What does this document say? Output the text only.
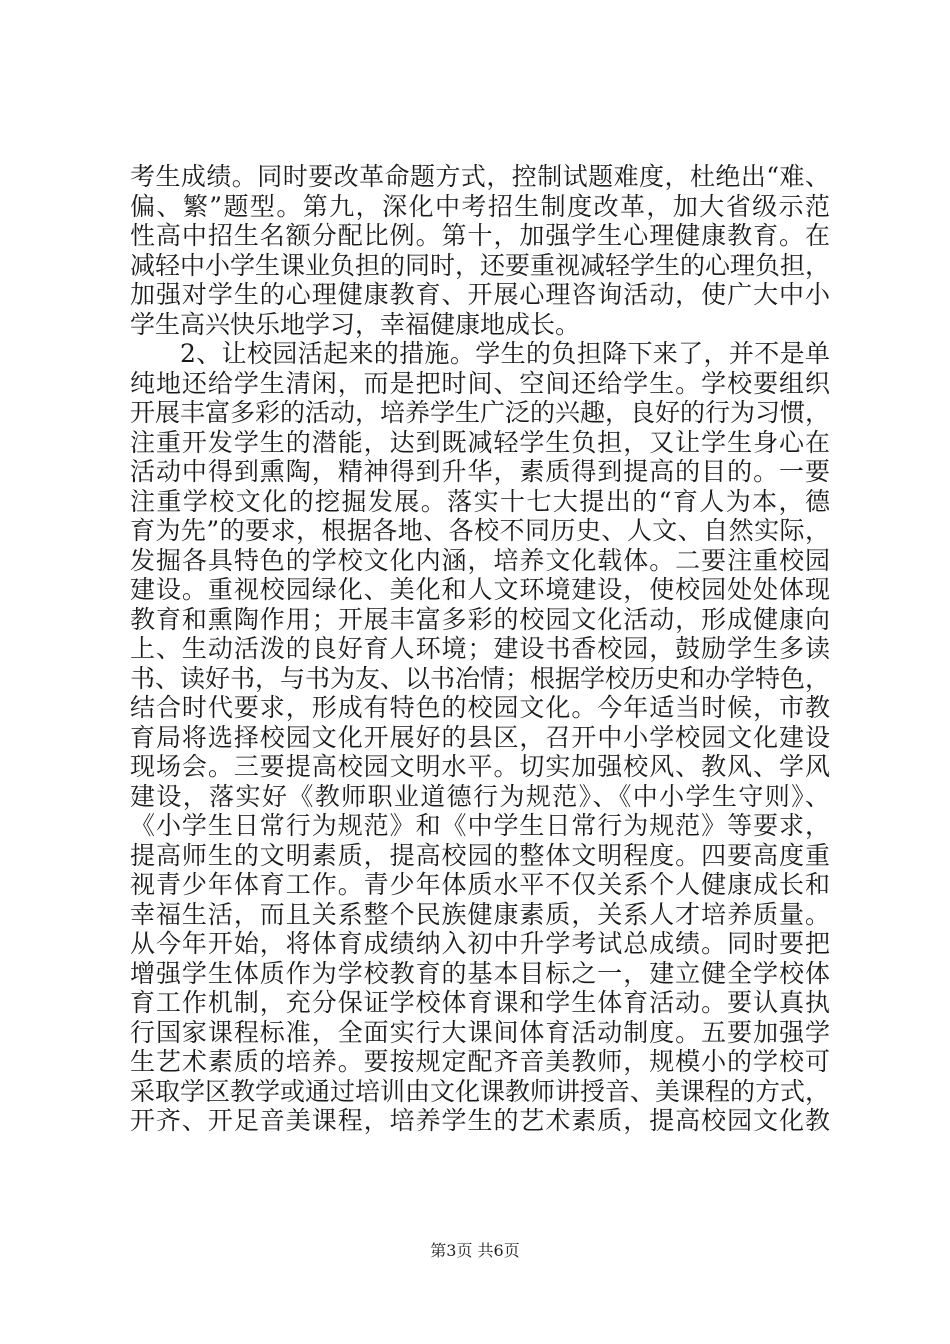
考生成绩。同时要改革命题方式，控制试题难度，杜绝出“难、
偏、繁”题型。第九，深化中考招生制度改革，加大省级示范
性高中招生名额分配比例。第十，加强学生心理健康教育。在
减轻中小学生课业负担的同时，还要重视减轻学生的心理负担，
加强对学生的心理健康教育、开展心理咨询活动，使广大中小
学生高兴快乐地学习，幸福健康地成长。
2、让校园活起来的措施。学生的负担降下来了，并不是单
纯地还给学生清闲，而是把时间、空间还给学生。学校要组织
开展丰富多彩的活动，培养学生广泛的兴趣，良好的行为习惯，
注重开发学生的潜能，达到既减轻学生负担，又让学生身心在
活动中得到熏陶，精神得到升华，素质得到提高的目的。一要
注重学校文化的挖掘发展。落实十七大提出的“育人为本，德
育为先”的要求，根据各地、各校不同历史、人文、自然实际，
发掘各具特色的学校文化内涵，培养文化载体。二要注重校园
建设。重视校园绿化、美化和人文环境建设，使校园处处体现
教育和熏陶作用；开展丰富多彩的校园文化活动，形成健康向
上、生动活泼的良好育人环境；建设书香校园，鼓励学生多读
书、读好书，与书为友、以书冶情；根据学校历史和办学特色，
结合时代要求，形成有特色的校园文化。今年适当时候，市教
育局将选择校园文化开展好的县区，召开中小学校园文化建设
现场会。三要提高校园文明水平。切实加强校风、教风、学风
建设，落实好《教师职业道德行为规范》、《中小学生守则》、
《小学生日常行为规范》和《中学生日常行为规范》等要求，
提高师生的文明素质，提高校园的整体文明程度。四要高度重
视青少年体育工作。青少年体质水平不仅关系个人健康成长和
幸福生活，而且关系整个民族健康素质，关系人才培养质量。
从今年开始，将体育成绩纳入初中升学考试总成绩。同时要把
增强学生体质作为学校教育的基本目标之一，建立健全学校体
育工作机制，充分保证学校体育课和学生体育活动。要认真执
行国家课程标准，全面实行大课间体育活动制度。五要加强学
生艺术素质的培养。要按规定配齐音美教师，规模小的学校可
采取学区教学或通过培训由文化课教师讲授音、美课程的方式，
开齐、开足音美课程，培养学生的艺术素质，提高校园文化教
第3页 共6页
